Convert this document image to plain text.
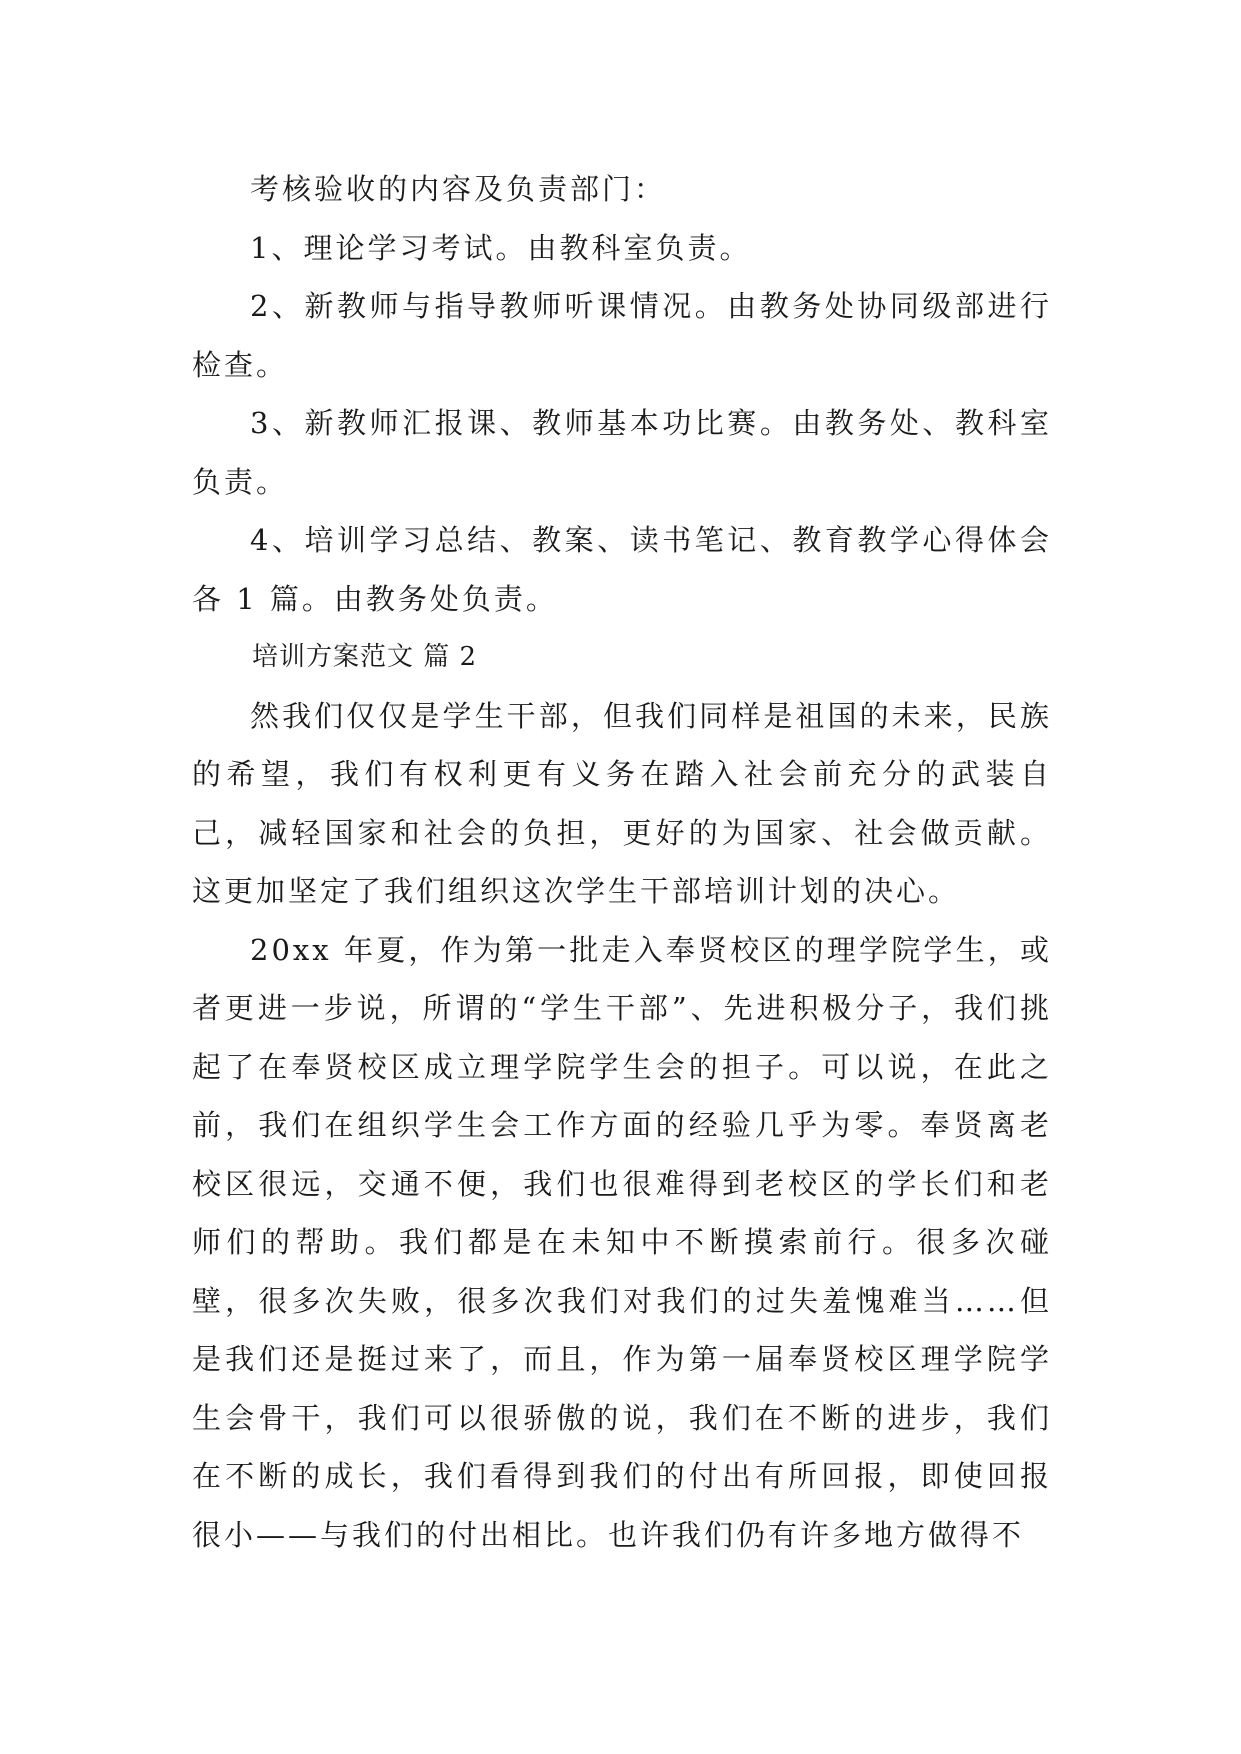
考核验收的内容及负责部门：

1、理论学习考试。由教科室负责。

2、新教师与指导教师听课情况。由教务处协同级部进行检查。

3、新教师汇报课、教师基本功比赛。由教务处、教科室负责。

4、培训学习总结、教案、读书笔记、教育教学心得体会各 1 篇。由教务处负责。

培训方案范文 篇 2

然我们仅仅是学生干部，但我们同样是祖国的未来，民族的希望，我们有权利更有义务在踏入社会前充分的武装自己，减轻国家和社会的负担，更好的为国家、社会做贡献。这更加坚定了我们组织这次学生干部培训计划的决心。

20xx 年夏，作为第一批走入奉贤校区的理学院学生，或者更进一步说，所谓的“学生干部”、先进积极分子，我们挑起了在奉贤校区成立理学院学生会的担子。可以说，在此之前，我们在组织学生会工作方面的经验几乎为零。奉贤离老校区很远，交通不便，我们也很难得到老校区的学长们和老师们的帮助。我们都是在未知中不断摸索前行。很多次碰壁，很多次失败，很多次我们对我们的过失羞愧难当……但是我们还是挺过来了，而且，作为第一届奉贤校区理学院学生会骨干，我们可以很骄傲的说，我们在不断的进步，我们在不断的成长，我们看得到我们的付出有所回报，即使回报很小——与我们的付出相比。也许我们仍有许多地方做得不
